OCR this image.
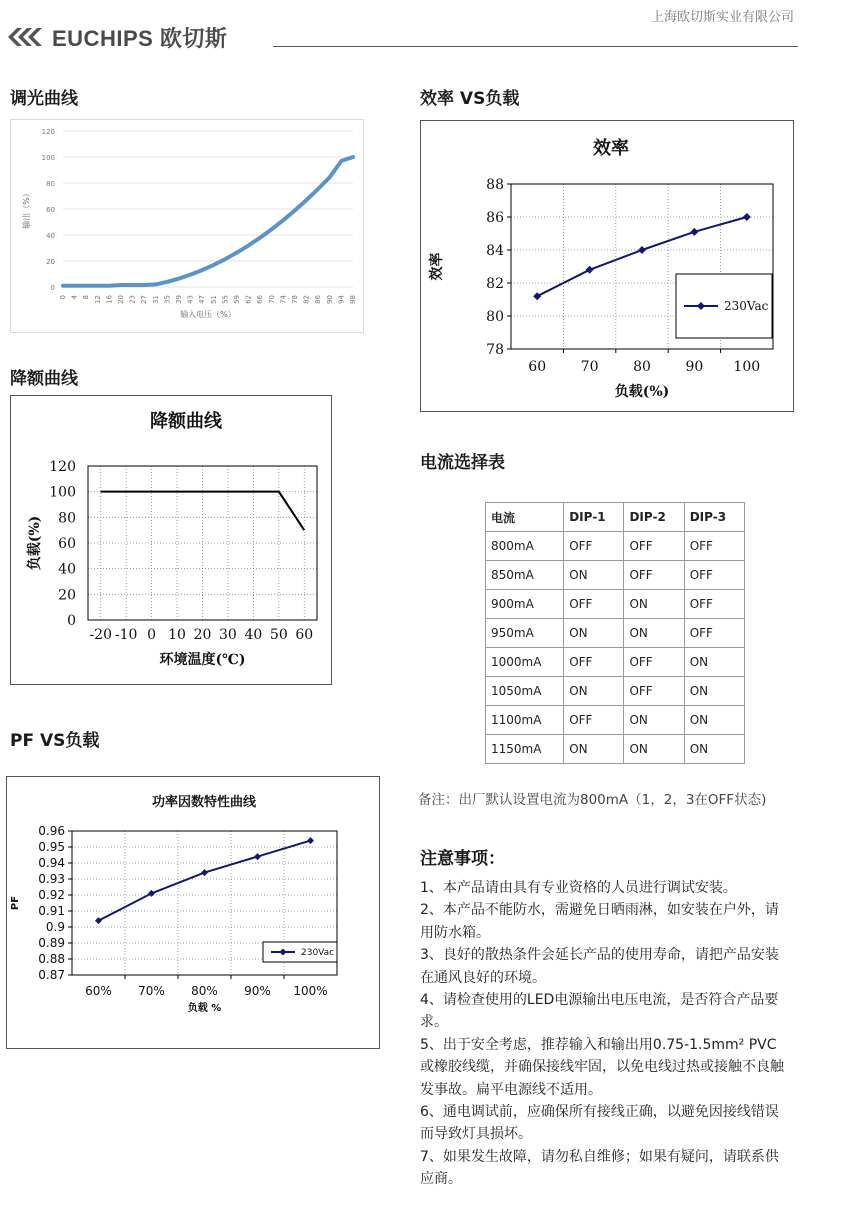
上海欧切斯实业有限公司
EUCHIPS 欧切斯
调光曲线	效率 VS负载
降额曲线
电流选择表
PF VS负载
0
20
40
60
80
100
120
0 4 8 12 16 20 23 27 31 35 39 43 47 51 55 59 62 66 70 74 78 82 86 90 94 98
输入电压（%）
输出（%）
效率
78
80
82
84
86
88
60 70 80 90 100
负载(%)
效率
230Vac
降额曲线
0
20
40
60
80
100
120
-20 -10 0 10 20 30 40 50 60
环境温度(℃)
负载(%)
功率因数特性曲线
0.87
0.88
0.89
0.9
0.91
0.92
0.93
0.94
0.95
0.96
60% 70% 80% 90% 100%
负载 %
PF
230Vac
电流	DIP-1	DIP-2	DIP-3
800mA	OFF	OFF	OFF
850mA	ON	OFF	OFF
900mA	OFF	ON	OFF
950mA	ON	ON	OFF
1000mA	OFF	OFF	ON
1050mA	ON	OFF	ON
1100mA	OFF	ON	ON
1150mA	ON	ON	ON
备注：出厂默认设置电流为800mA（1，2，3在OFF状态)
注意事项：
1、本产品请由具有专业资格的人员进行调试安装。
2、本产品不能防水，需避免日晒雨淋，如安装在户外，请用防水箱。
3、良好的散热条件会延长产品的使用寿命，请把产品安装在通风良好的环境。
4、请检查使用的LED电源输出电压电流，是否符合产品要求。
5、出于安全考虑，推荐输入和输出用0.75-1.5mm² PVC或橡胶线缆，并确保接线牢固，以免电线过热或接触不良触发事故。扁平电源线不适用。
6、通电调试前，应确保所有接线正确，以避免因接线错误而导致灯具损坏。
7、如果发生故障，请勿私自维修；如果有疑问，请联系供应商。
